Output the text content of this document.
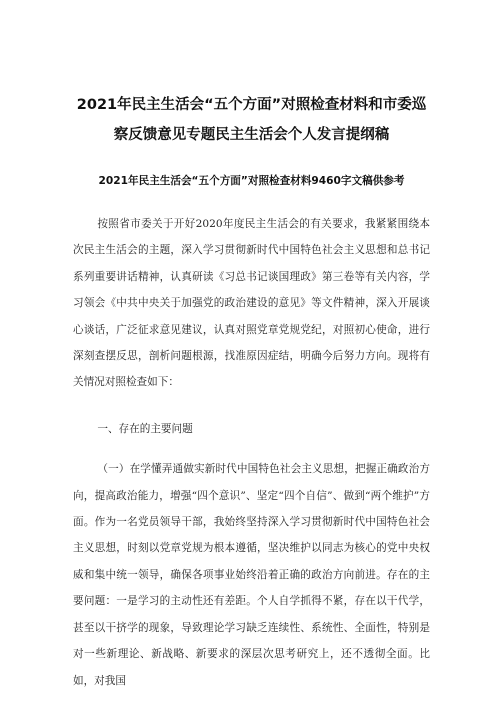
2021年民主生活会“五个方面”对照检查材料和市委巡察反馈意见专题民主生活会个人发言提纲稿
2021年民主生活会“五个方面”对照检查材料9460字文稿供参考

按照省市委关于开好2020年度民主生活会的有关要求，我紧紧围绕本次民主生活会的主题，深入学习贯彻新时代中国特色社会主义思想和总书记系列重要讲话精神，认真研读《习总书记谈国理政》第三卷等有关内容，学习领会《中共中央关于加强党的政治建设的意见》等文件精神，深入开展谈心谈话，广泛征求意见建议，认真对照党章党规党纪，对照初心使命，进行深刻查摆反思，剖析问题根源，找准原因症结，明确今后努力方向。现将有关情况对照检查如下：

一、存在的主要问题

（一）在学懂弄通做实新时代中国特色社会主义思想，把握正确政治方向，提高政治能力，增强“四个意识”、坚定“四个自信”、做到“两个维护”方面。作为一名党员领导干部，我始终坚持深入学习贯彻新时代中国特色社会主义思想，时刻以党章党规为根本遵循，坚决维护以同志为核心的党中央权威和集中统一领导，确保各项事业始终沿着正确的政治方向前进。存在的主要问题：一是学习的主动性还有差距。个人自学抓得不紧，存在以干代学，甚至以干挤学的现象，导致理论学习缺乏连续性、系统性、全面性，特别是对一些新理论、新战略、新要求的深层次思考研究上，还不透彻全面。比如，对我国
